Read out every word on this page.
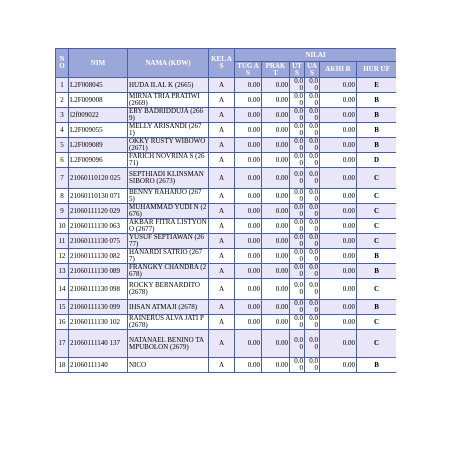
NO	NIM	NAMA (KDW)	KEL AS	NILAI					
				TUG AS	PRAK T	UT S	UA S	AKHI R	HUR UF
1	L2F008045	HUDA ILAL K (2665)	A	0.00	0.00	0.0 0	0.0 0	0.00	E
2	L2F009008	MIRNA TRIA PRATIWI (2669)	A	0.00	0.00	0.0 0	0.0 0	0.00	B
3	l2f009022	ERY BADRIDDUJA (2669)	A	0.00	0.00	0.0 0	0.0 0	0.00	B
4	L2F009055	MELLY ARISANDI (2671)	A	0.00	0.00	0.0 0	0.0 0	0.00	B
5	L2F009089	OKKY RUSTY WIBOWO (2671)	A	0.00	0.00	0.0 0	0.0 0	0.00	B
6	L2F009096	FARICH NOVRINA S (2671)	A	0.00	0.00	0.0 0	0.0 0	0.00	D
7	21060110120 025	SEPTHIADI KLINSMAN SIBORO (2673)	A	0.00	0.00	0.0 0	0.0 0	0.00	C
8	21060110130 071	BENNY RAHARJO (2675)	A	0.00	0.00	0.0 0	0.0 0	0.00	C
9	21060111120 029	MUHAMMAD YUDI N (2676)	A	0.00	0.00	0.0 0	0.0 0	0.00	C
10	21060111130 063	AKBAR FITRA LISTYONO (2677)	A	0.00	0.00	0.0 0	0.0 0	0.00	C
11	21060111130 075	YUSUF SEPTIAWAN (2677)	A	0.00	0.00	0.0 0	0.0 0	0.00	C
12	21060111130 082	HANARDI SATRIO (2677)	A	0.00	0.00	0.0 0	0.0 0	0.00	B
13	21060111130 089	FRANGKY CHANDRA (2678)	A	0.00	0.00	0.0 0	0.0 0	0.00	B
14	21060111130 098	ROCKY BERNARDITO (2678)	A	0.00	0.00	0.0 0	0.0 0	0.00	C
15	21060111130 099	IHSAN ATMAJI (2678)	A	0.00	0.00	0.0 0	0.0 0	0.00	B
16	21060111130 102	RAINERUS ALVA JATI P (2678)	A	0.00	0.00	0.0 0	0.0 0	0.00	C
17	21060111140 137	NATANAEL BENINO TAMPUBOLON (2679)	A	0.00	0.00	0.0 0	0.0 0	0.00	C
18	21060111140	NICO	A	0.00	0.00	0.0 0	0.0 0	0.00	B
